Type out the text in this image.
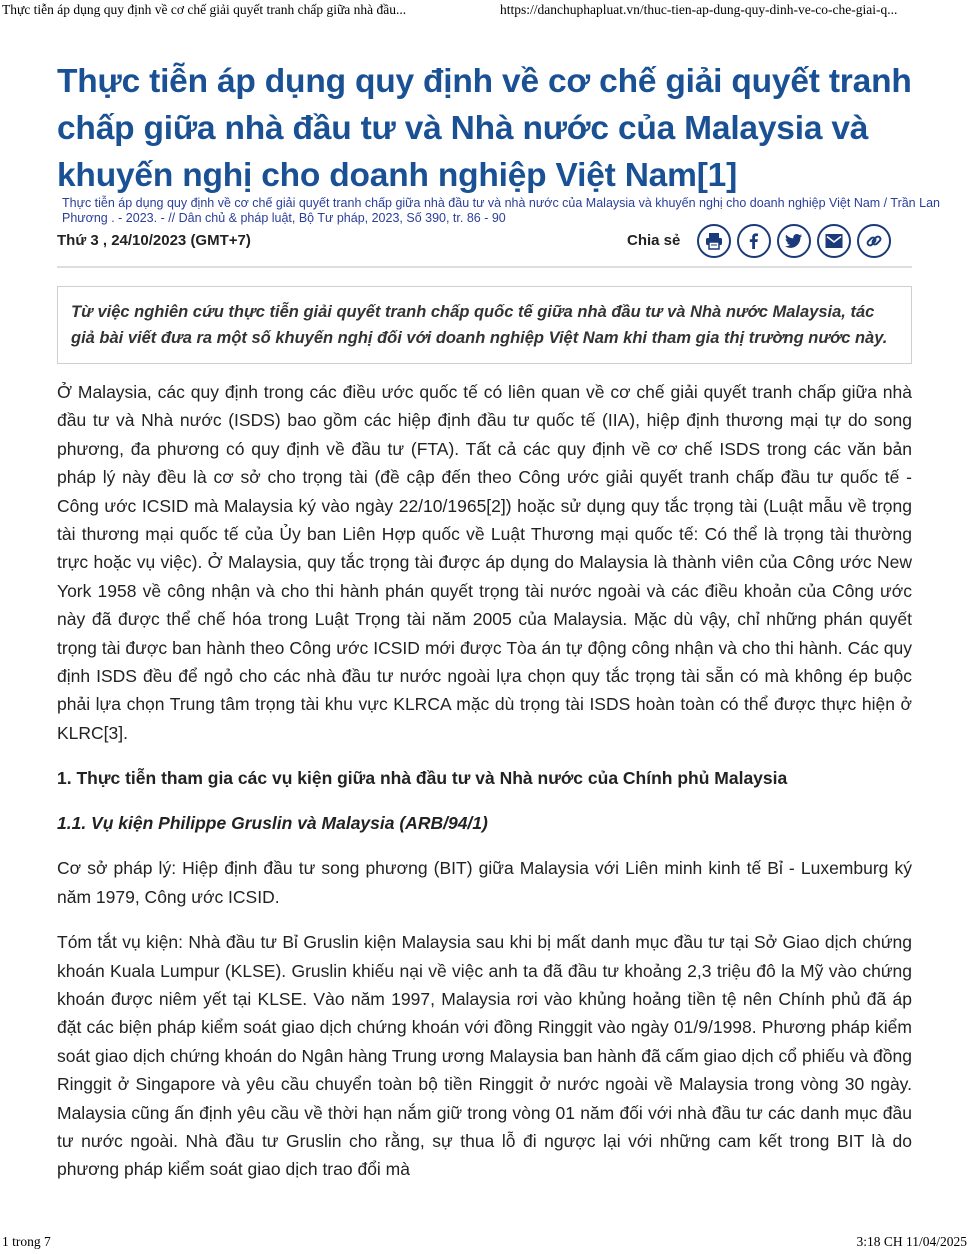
Thực tiễn áp dụng quy định về cơ chế giải quyết tranh chấp giữa nhà đầu...	https://danchuphapluat.vn/thuc-tien-ap-dung-quy-dinh-ve-co-che-giai-q...
Thực tiễn áp dụng quy định về cơ chế giải quyết tranh
chấp giữa nhà đầu tư và Nhà nước của Malaysia và
khuyến nghị cho doanh nghiệp Việt Nam[1]
Thực tiễn áp dụng quy định về cơ chế giải quyết tranh chấp giữa nhà đầu tư và nhà nước của Malaysia và khuyến nghị cho doanh nghiệp Việt Nam / Trần Lan Phương . - 2023. - // Dân chủ & pháp luật, Bộ Tư pháp, 2023, Số 390, tr. 86 - 90
Thứ 3 , 24/10/2023 (GMT+7)	Chia sẻ
Từ việc nghiên cứu thực tiễn giải quyết tranh chấp quốc tế giữa nhà đầu tư và Nhà nước Malaysia, tác giả bài viết đưa ra một số khuyến nghị đối với doanh nghiệp Việt Nam khi tham gia thị trường nước này.

Ở Malaysia, các quy định trong các điều ước quốc tế có liên quan về cơ chế giải quyết tranh chấp giữa nhà đầu tư và Nhà nước (ISDS) bao gồm các hiệp định đầu tư quốc tế (IIA), hiệp định thương mại tự do song phương, đa phương có quy định về đầu tư (FTA). Tất cả các quy định về cơ chế ISDS trong các văn bản pháp lý này đều là cơ sở cho trọng tài (đề cập đến theo Công ước giải quyết tranh chấp đầu tư quốc tế - Công ước ICSID mà Malaysia ký vào ngày 22/10/1965[2]) hoặc sử dụng quy tắc trọng tài (Luật mẫu về trọng tài thương mại quốc tế của Ủy ban Liên Hợp quốc về Luật Thương mại quốc tế: Có thể là trọng tài thường trực hoặc vụ việc). Ở Malaysia, quy tắc trọng tài được áp dụng do Malaysia là thành viên của Công ước New York 1958 về công nhận và cho thi hành phán quyết trọng tài nước ngoài và các điều khoản của Công ước này đã được thể chế hóa trong Luật Trọng tài năm 2005 của Malaysia. Mặc dù vậy, chỉ những phán quyết trọng tài được ban hành theo Công ước ICSID mới được Tòa án tự động công nhận và cho thi hành. Các quy định ISDS đều để ngỏ cho các nhà đầu tư nước ngoài lựa chọn quy tắc trọng tài sẵn có mà không ép buộc phải lựa chọn Trung tâm trọng tài khu vực KLRCA mặc dù trọng tài ISDS hoàn toàn có thể được thực hiện ở KLRC[3].

1. Thực tiễn tham gia các vụ kiện giữa nhà đầu tư và Nhà nước của Chính phủ Malaysia
1.1. Vụ kiện Philippe Gruslin và Malaysia (ARB/94/1)

Cơ sở pháp lý: Hiệp định đầu tư song phương (BIT) giữa Malaysia với Liên minh kinh tế Bỉ - Luxemburg ký năm 1979, Công ước ICSID.

Tóm tắt vụ kiện: Nhà đầu tư Bỉ Gruslin kiện Malaysia sau khi bị mất danh mục đầu tư tại Sở Giao dịch chứng khoán Kuala Lumpur (KLSE). Gruslin khiếu nại về việc anh ta đã đầu tư khoảng 2,3 triệu đô la Mỹ vào chứng khoán được niêm yết tại KLSE. Vào năm 1997, Malaysia rơi vào khủng hoảng tiền tệ nên Chính phủ đã áp đặt các biện pháp kiểm soát giao dịch chứng khoán với đồng Ringgit vào ngày 01/9/1998. Phương pháp kiểm soát giao dịch chứng khoán do Ngân hàng Trung ương Malaysia ban hành đã cấm giao dịch cổ phiếu và đồng Ringgit ở Singapore và yêu cầu chuyển toàn bộ tiền Ringgit ở nước ngoài về Malaysia trong vòng 30 ngày. Malaysia cũng ấn định yêu cầu về thời hạn nắm giữ trong vòng 01 năm đối với nhà đầu tư các danh mục đầu tư nước ngoài. Nhà đầu tư Gruslin cho rằng, sự thua lỗ đi ngược lại với những cam kết trong BIT là do phương pháp kiểm soát giao dịch trao đổi mà

1 trong 7	3:18 CH 11/04/2025
